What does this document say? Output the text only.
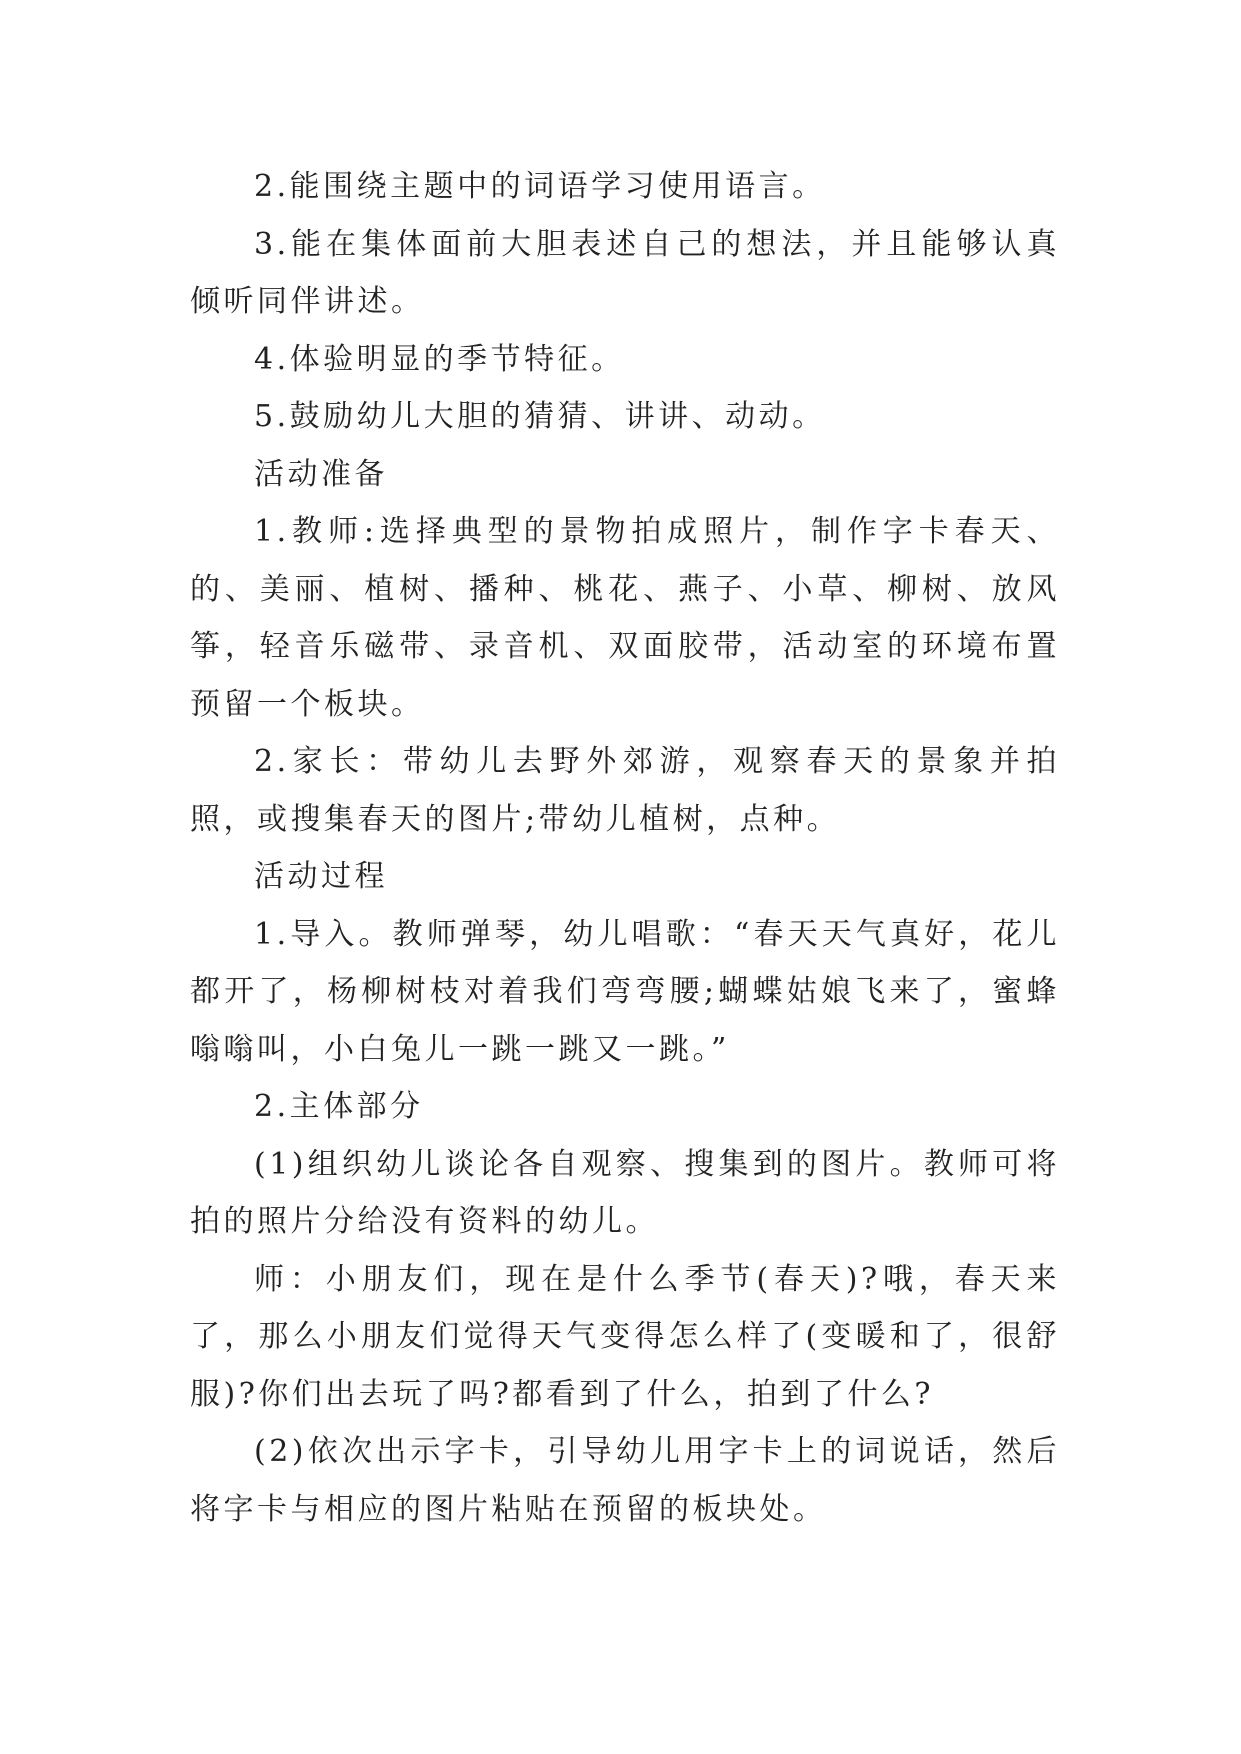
2.能围绕主题中的词语学习使用语言。

3.能在集体面前大胆表述自己的想法，并且能够认真倾听同伴讲述。

4.体验明显的季节特征。

5.鼓励幼儿大胆的猜猜、讲讲、动动。

活动准备

1.教师:选择典型的景物拍成照片，制作字卡春天、的、美丽、植树、播种、桃花、燕子、小草、柳树、放风筝，轻音乐磁带、录音机、双面胶带，活动室的环境布置预留一个板块。

2.家长：带幼儿去野外郊游，观察春天的景象并拍照，或搜集春天的图片;带幼儿植树，点种。

活动过程

1.导入。教师弹琴，幼儿唱歌：“春天天气真好，花儿都开了，杨柳树枝对着我们弯弯腰;蝴蝶姑娘飞来了，蜜蜂嗡嗡叫，小白兔儿一跳一跳又一跳。”

2.主体部分

(1)组织幼儿谈论各自观察、搜集到的图片。教师可将拍的照片分给没有资料的幼儿。

师：小朋友们，现在是什么季节(春天)?哦，春天来了，那么小朋友们觉得天气变得怎么样了(变暖和了，很舒服)?你们出去玩了吗?都看到了什么，拍到了什么?

(2)依次出示字卡，引导幼儿用字卡上的词说话，然后将字卡与相应的图片粘贴在预留的板块处。
